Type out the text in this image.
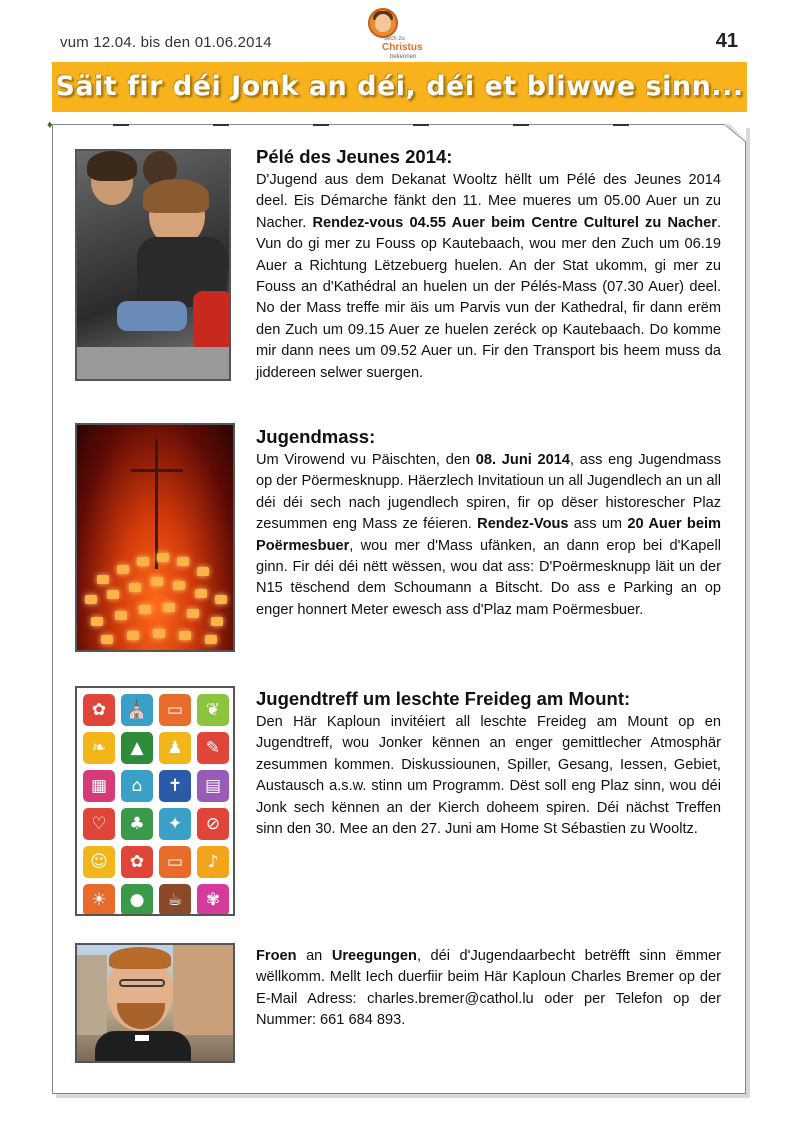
vum 12.04. bis den 01.06.2014	sech zu
Christus
bekennen
41
Säit fir déi Jonk an déi, déi et bliwwe sinn...
♦
✿	⛪	▭	❦
❧	▲	♟	✎
▦	⌂	✝	▤
♡	♣	✦	⊘
☺	✿	▭	♪
☀	●	☕	✾
Pélé des Jeunes 2014:
D'Jugend aus dem Dekanat Wooltz hëllt um Pélé des Jeunes 2014 deel. Eis Démarche fänkt den 11. Mee mueres um 05.00 Auer un zu Nacher. Rendez-vous 04.55 Auer beim Centre Culturel zu Nacher. Vun do gi mer zu Fouss op Kautebaach, wou mer den Zuch um 06.19 Auer a Richtung Lëtzebuerg huelen. An der Stat ukomm, gi mer zu Fouss an d'Kathédral an huelen un der Pélés-Mass (07.30 Auer) deel. No der Mass treffe mir äis um Parvis vun der Kathedral, fir dann erëm den Zuch um 09.15 Auer ze huelen zeréck op Kautebaach. Do komme mir dann nees um 09.52 Auer un. Fir den Transport bis heem muss da jiddereen selwer suergen.
Jugendmass:
Um Virowend vu Päischten, den 08. Juni 2014, ass eng Jugendmass op der Pöermesknupp. Häerzlech Invitatioun un all Jugendlech an un all déi déi sech nach jugendlech spiren, fir op dëser historescher Plaz zesummen eng Mass ze féieren. Rendez-Vous ass um 20 Auer beim Poërmesbuer, wou mer d'Mass ufänken, an dann erop bei d'Kapell ginn. Fir déi déi nëtt wëssen, wou dat ass: D'Poërmesknupp läit un der N15 tëschend dem Schoumann a Bitscht. Do ass e Parking an op enger honnert Meter ewesch ass d'Plaz mam Poërmesbuer.
Jugendtreff um leschte Freideg am Mount:
Den Här Kaploun invitéiert all leschte Freideg am Mount op en Jugendtreff, wou Jonker kënnen an enger gemittlecher Atmosphär zesummen kommen. Diskussiounen, Spiller, Gesang, Iessen, Gebiet, Austausch a.s.w. stinn um Programm. Dëst soll eng Plaz sinn, wou déi Jonk sech kënnen an der Kierch doheem spiren. Déi nächst Treffen sinn den 30. Mee an den 27. Juni am Home St Sébastien zu Wooltz.
Froen an Ureegungen, déi d'Jugendaarbecht betrëfft sinn ëmmer wëllkomm. Mellt Iech duerfiir beim Här Kaploun Charles Bremer op der E-Mail Adress: charles.bremer@cathol.lu oder per Telefon op der Nummer: 661 684 893.
